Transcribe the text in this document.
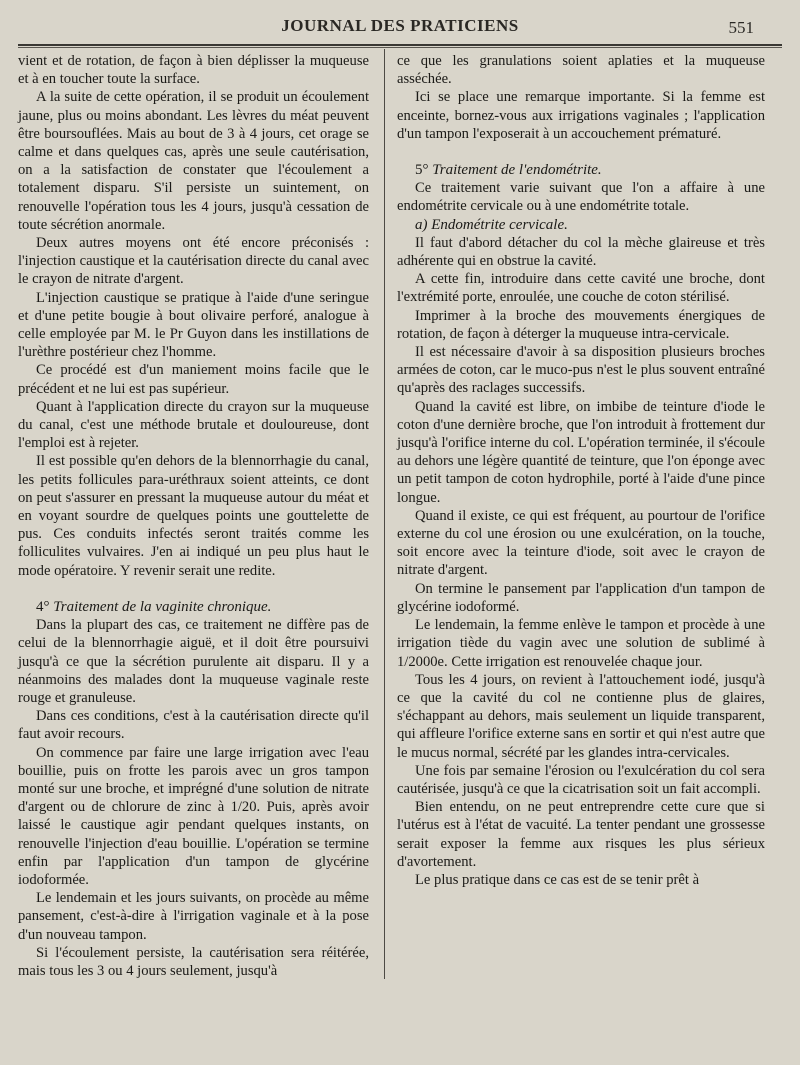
JOURNAL DES PRATICIENS	551

vient et de rotation, de façon à bien déplisser la muqueuse et à en toucher toute la surface.

A la suite de cette opération, il se produit un écoulement jaune, plus ou moins abondant. Les lèvres du méat peuvent être boursouflées. Mais au bout de 3 à 4 jours, cet orage se calme et dans quelques cas, après une seule cautérisation, on a la satisfaction de constater que l'écoulement a totalement disparu. S'il persiste un suintement, on renouvelle l'opération tous les 4 jours, jusqu'à cessation de toute sécrétion anormale.

Deux autres moyens ont été encore préconisés : l'injection caustique et la cautérisation directe du canal avec le crayon de nitrate d'argent.

L'injection caustique se pratique à l'aide d'une seringue et d'une petite bougie à bout olivaire perforé, analogue à celle employée par M. le Pr Guyon dans les instillations de l'urèthre postérieur chez l'homme.

Ce procédé est d'un maniement moins facile que le précédent et ne lui est pas supérieur.

Quant à l'application directe du crayon sur la muqueuse du canal, c'est une méthode brutale et douloureuse, dont l'emploi est à rejeter.

Il est possible qu'en dehors de la blennorrhagie du canal, les petits follicules para-uréthraux soient atteints, ce dont on peut s'assurer en pressant la muqueuse autour du méat et en voyant sourdre de quelques points une gouttelette de pus. Ces conduits infectés seront traités comme les folliculites vulvaires. J'en ai indiqué un peu plus haut le mode opératoire. Y revenir serait une redite.

4° Traitement de la vaginite chronique.

Dans la plupart des cas, ce traitement ne diffère pas de celui de la blennorrhagie aiguë, et il doit être poursuivi jusqu'à ce que la sécrétion purulente ait disparu. Il y a néanmoins des malades dont la muqueuse vaginale reste rouge et granuleuse.

Dans ces conditions, c'est à la cautérisation directe qu'il faut avoir recours.

On commence par faire une large irrigation avec l'eau bouillie, puis on frotte les parois avec un gros tampon monté sur une broche, et imprégné d'une solution de nitrate d'argent ou de chlorure de zinc à 1/20. Puis, après avoir laissé le caustique agir pendant quelques instants, on renouvelle l'injection d'eau bouillie. L'opération se termine enfin par l'application d'un tampon de glycérine iodoformée.

Le lendemain et les jours suivants, on procède au même pansement, c'est-à-dire à l'irrigation vaginale et à la pose d'un nouveau tampon.

Si l'écoulement persiste, la cautérisation sera réitérée, mais tous les 3 ou 4 jours seulement, jusqu'à

ce que les granulations soient aplaties et la muqueuse asséchée.

Ici se place une remarque importante. Si la femme est enceinte, bornez-vous aux irrigations vaginales ; l'application d'un tampon l'exposerait à un accouchement prématuré.

5° Traitement de l'endométrite.

Ce traitement varie suivant que l'on a affaire à une endométrite cervicale ou à une endométrite totale.

a) Endométrite cervicale.

Il faut d'abord détacher du col la mèche glaireuse et très adhérente qui en obstrue la cavité.

A cette fin, introduire dans cette cavité une broche, dont l'extrémité porte, enroulée, une couche de coton stérilisé.

Imprimer à la broche des mouvements énergiques de rotation, de façon à déterger la muqueuse intra-cervicale.

Il est nécessaire d'avoir à sa disposition plusieurs broches armées de coton, car le muco-pus n'est le plus souvent entraîné qu'après des raclages successifs.

Quand la cavité est libre, on imbibe de teinture d'iode le coton d'une dernière broche, que l'on introduit à frottement dur jusqu'à l'orifice interne du col. L'opération terminée, il s'écoule au dehors une légère quantité de teinture, que l'on éponge avec un petit tampon de coton hydrophile, porté à l'aide d'une pince longue.

Quand il existe, ce qui est fréquent, au pourtour de l'orifice externe du col une érosion ou une exulcération, on la touche, soit encore avec la teinture d'iode, soit avec le crayon de nitrate d'argent.

On termine le pansement par l'application d'un tampon de glycérine iodoformé.

Le lendemain, la femme enlève le tampon et procède à une irrigation tiède du vagin avec une solution de sublimé à 1/2000e. Cette irrigation est renouvelée chaque jour.

Tous les 4 jours, on revient à l'attouchement iodé, jusqu'à ce que la cavité du col ne contienne plus de glaires, s'échappant au dehors, mais seulement un liquide transparent, qui affleure l'orifice externe sans en sortir et qui n'est autre que le mucus normal, sécrété par les glandes intra-cervicales.

Une fois par semaine l'érosion ou l'exulcération du col sera cautérisée, jusqu'à ce que la cicatrisation soit un fait accompli.

Bien entendu, on ne peut entreprendre cette cure que si l'utérus est à l'état de vacuité. La tenter pendant une grossesse serait exposer la femme aux risques les plus sérieux d'avortement.

Le plus pratique dans ce cas est de se tenir prêt à
